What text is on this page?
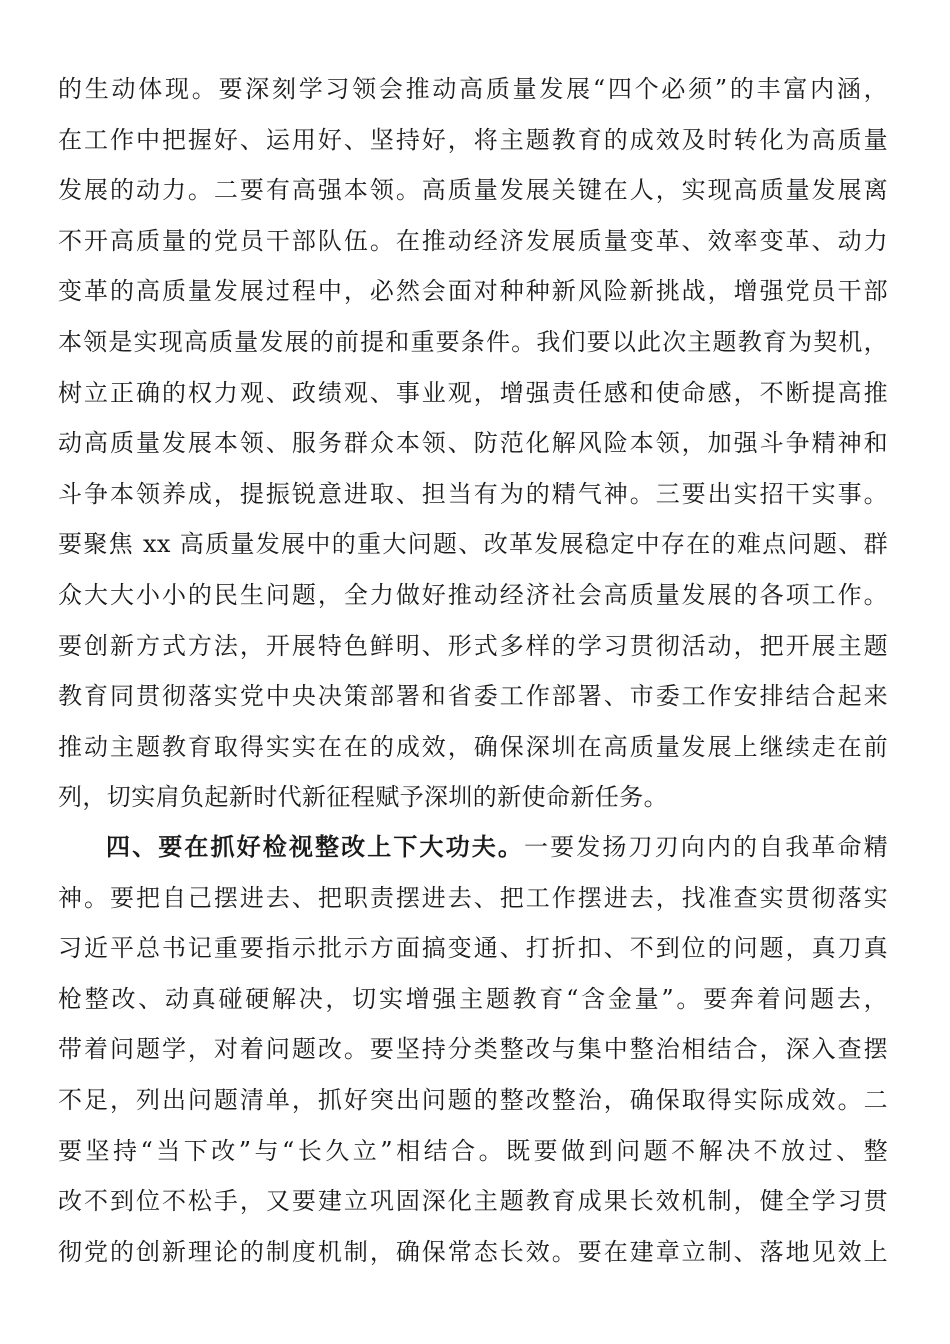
的生动体现。要深刻学习领会推动高质量发展“四个必须”的丰富内涵，
在工作中把握好、运用好、坚持好，将主题教育的成效及时转化为高质量
发展的动力。二要有高强本领。高质量发展关键在人，实现高质量发展离
不开高质量的党员干部队伍。在推动经济发展质量变革、效率变革、动力
变革的高质量发展过程中，必然会面对种种新风险新挑战，增强党员干部
本领是实现高质量发展的前提和重要条件。我们要以此次主题教育为契机，
树立正确的权力观、政绩观、事业观，增强责任感和使命感，不断提高推
动高质量发展本领、服务群众本领、防范化解风险本领，加强斗争精神和
斗争本领养成，提振锐意进取、担当有为的精气神。三要出实招干实事。
要聚焦 xx 高质量发展中的重大问题、改革发展稳定中存在的难点问题、群
众大大小小的民生问题，全力做好推动经济社会高质量发展的各项工作。
要创新方式方法，开展特色鲜明、形式多样的学习贯彻活动，把开展主题
教育同贯彻落实党中央决策部署和省委工作部署、市委工作安排结合起来
推动主题教育取得实实在在的成效，确保深圳在高质量发展上继续走在前
列，切实肩负起新时代新征程赋予深圳的新使命新任务。
四、要在抓好检视整改上下大功夫。一要发扬刀刃向内的自我革命精
神。要把自己摆进去、把职责摆进去、把工作摆进去，找准查实贯彻落实
习近平总书记重要指示批示方面搞变通、打折扣、不到位的问题，真刀真
枪整改、动真碰硬解决，切实增强主题教育“含金量”。要奔着问题去，
带着问题学，对着问题改。要坚持分类整改与集中整治相结合，深入查摆
不足，列出问题清单，抓好突出问题的整改整治，确保取得实际成效。二
要坚持“当下改”与“长久立”相结合。既要做到问题不解决不放过、整
改不到位不松手，又要建立巩固深化主题教育成果长效机制，健全学习贯
彻党的创新理论的制度机制，确保常态长效。要在建章立制、落地见效上
